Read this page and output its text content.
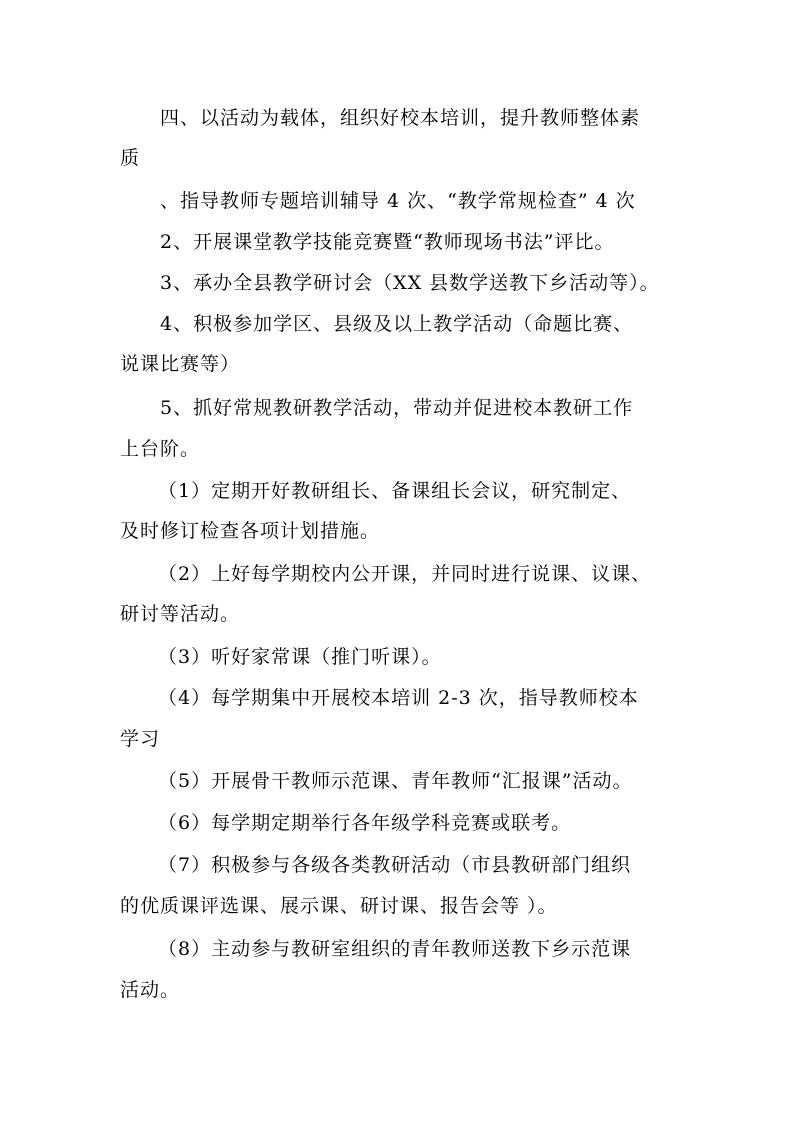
四、以活动为载体，组织好校本培训，提升教师整体素
质
、指导教师专题培训辅导 4 次、“教学常规检查” 4 次
2、开展课堂教学技能竞赛暨“教师现场书法”评比。
3、承办全县教学研讨会（XX 县数学送教下乡活动等）。
4、积极参加学区、县级及以上教学活动（命题比赛、
说课比赛等）
5、抓好常规教研教学活动，带动并促进校本教研工作
上台阶。
（1）定期开好教研组长、备课组长会议，研究制定、
及时修订检查各项计划措施。
（2）上好每学期校内公开课，并同时进行说课、议课、
研讨等活动。
（3）听好家常课（推门听课）。
（4）每学期集中开展校本培训 2-3 次，指导教师校本
学习
（5）开展骨干教师示范课、青年教师“汇报课”活动。
（6）每学期定期举行各年级学科竞赛或联考。
（7）积极参与各级各类教研活动（市县教研部门组织
的优质课评选课、展示课、研讨课、报告会等 ）。
（8）主动参与教研室组织的青年教师送教下乡示范课
活动。
